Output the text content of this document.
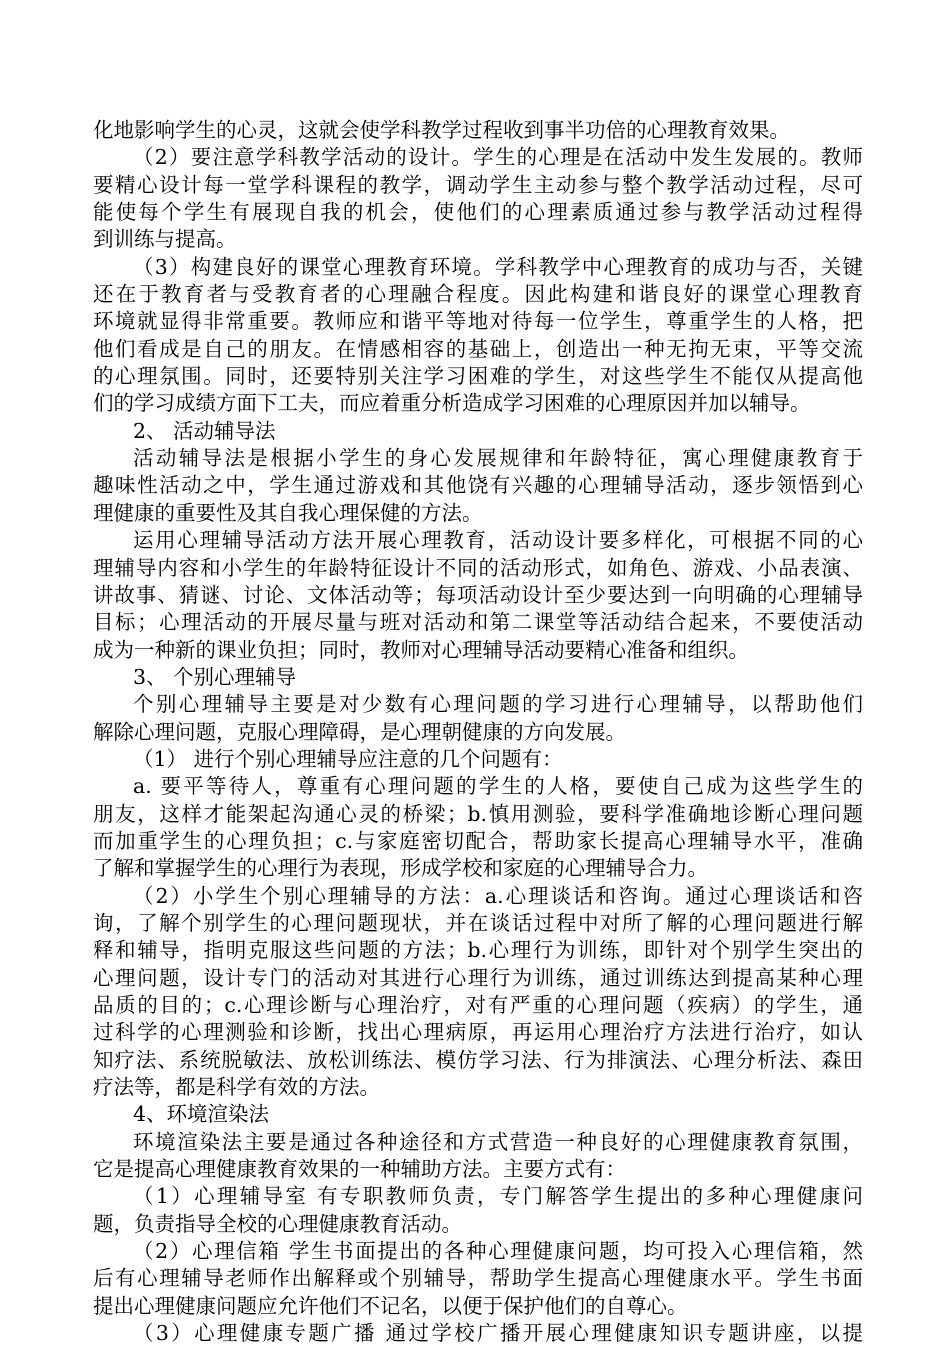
化地影响学生的心灵，这就会使学科教学过程收到事半功倍的心理教育效果。
（2）要注意学科教学活动的设计。学生的心理是在活动中发生发展的。教师
要精心设计每一堂学科课程的教学，调动学生主动参与整个教学活动过程，尽可
能使每个学生有展现自我的机会，使他们的心理素质通过参与教学活动过程得
到训练与提高。
（3）构建良好的课堂心理教育环境。学科教学中心理教育的成功与否，关键
还在于教育者与受教育者的心理融合程度。因此构建和谐良好的课堂心理教育
环境就显得非常重要。教师应和谐平等地对待每一位学生，尊重学生的人格，把
他们看成是自己的朋友。在情感相容的基础上，创造出一种无拘无束，平等交流
的心理氛围。同时，还要特别关注学习困难的学生，对这些学生不能仅从提高他
们的学习成绩方面下工夫，而应着重分析造成学习困难的心理原因并加以辅导。
2、 活动辅导法
活动辅导法是根据小学生的身心发展规律和年龄特征，寓心理健康教育于
趣味性活动之中，学生通过游戏和其他饶有兴趣的心理辅导活动，逐步领悟到心
理健康的重要性及其自我心理保健的方法。
运用心理辅导活动方法开展心理教育，活动设计要多样化，可根据不同的心
理辅导内容和小学生的年龄特征设计不同的活动形式，如角色、游戏、小品表演、
讲故事、猜谜、讨论、文体活动等；每项活动设计至少要达到一向明确的心理辅导
目标；心理活动的开展尽量与班对活动和第二课堂等活动结合起来，不要使活动
成为一种新的课业负担；同时，教师对心理辅导活动要精心准备和组织。
3、 个别心理辅导
个别心理辅导主要是对少数有心理问题的学习进行心理辅导，以帮助他们
解除心理问题，克服心理障碍，是心理朝健康的方向发展。
（1） 进行个别心理辅导应注意的几个问题有：
a. 要平等待人，尊重有心理问题的学生的人格，要使自己成为这些学生的
朋友，这样才能架起沟通心灵的桥梁；b.慎用测验，要科学准确地诊断心理问题
而加重学生的心理负担；c.与家庭密切配合，帮助家长提高心理辅导水平，准确
了解和掌握学生的心理行为表现，形成学校和家庭的心理辅导合力。
（2）小学生个别心理辅导的方法：a.心理谈话和咨询。通过心理谈话和咨
询，了解个别学生的心理问题现状，并在谈话过程中对所了解的心理问题进行解
释和辅导，指明克服这些问题的方法；b.心理行为训练，即针对个别学生突出的
心理问题，设计专门的活动对其进行心理行为训练，通过训练达到提高某种心理
品质的目的；c.心理诊断与心理治疗，对有严重的心理问题（疾病）的学生，通
过科学的心理测验和诊断，找出心理病原，再运用心理治疗方法进行治疗，如认
知疗法、系统脱敏法、放松训练法、模仿学习法、行为排演法、心理分析法、森田
疗法等，都是科学有效的方法。
4、环境渲染法
环境渲染法主要是通过各种途径和方式营造一种良好的心理健康教育氛围，
它是提高心理健康教育效果的一种辅助方法。主要方式有：
（1）心理辅导室 有专职教师负责，专门解答学生提出的多种心理健康问
题，负责指导全校的心理健康教育活动。
（2）心理信箱 学生书面提出的各种心理健康问题，均可投入心理信箱，然
后有心理辅导老师作出解释或个别辅导，帮助学生提高心理健康水平。学生书面
提出心理健康问题应允许他们不记名，以便于保护他们的自尊心。
（3）心理健康专题广播 通过学校广播开展心理健康知识专题讲座，以提
